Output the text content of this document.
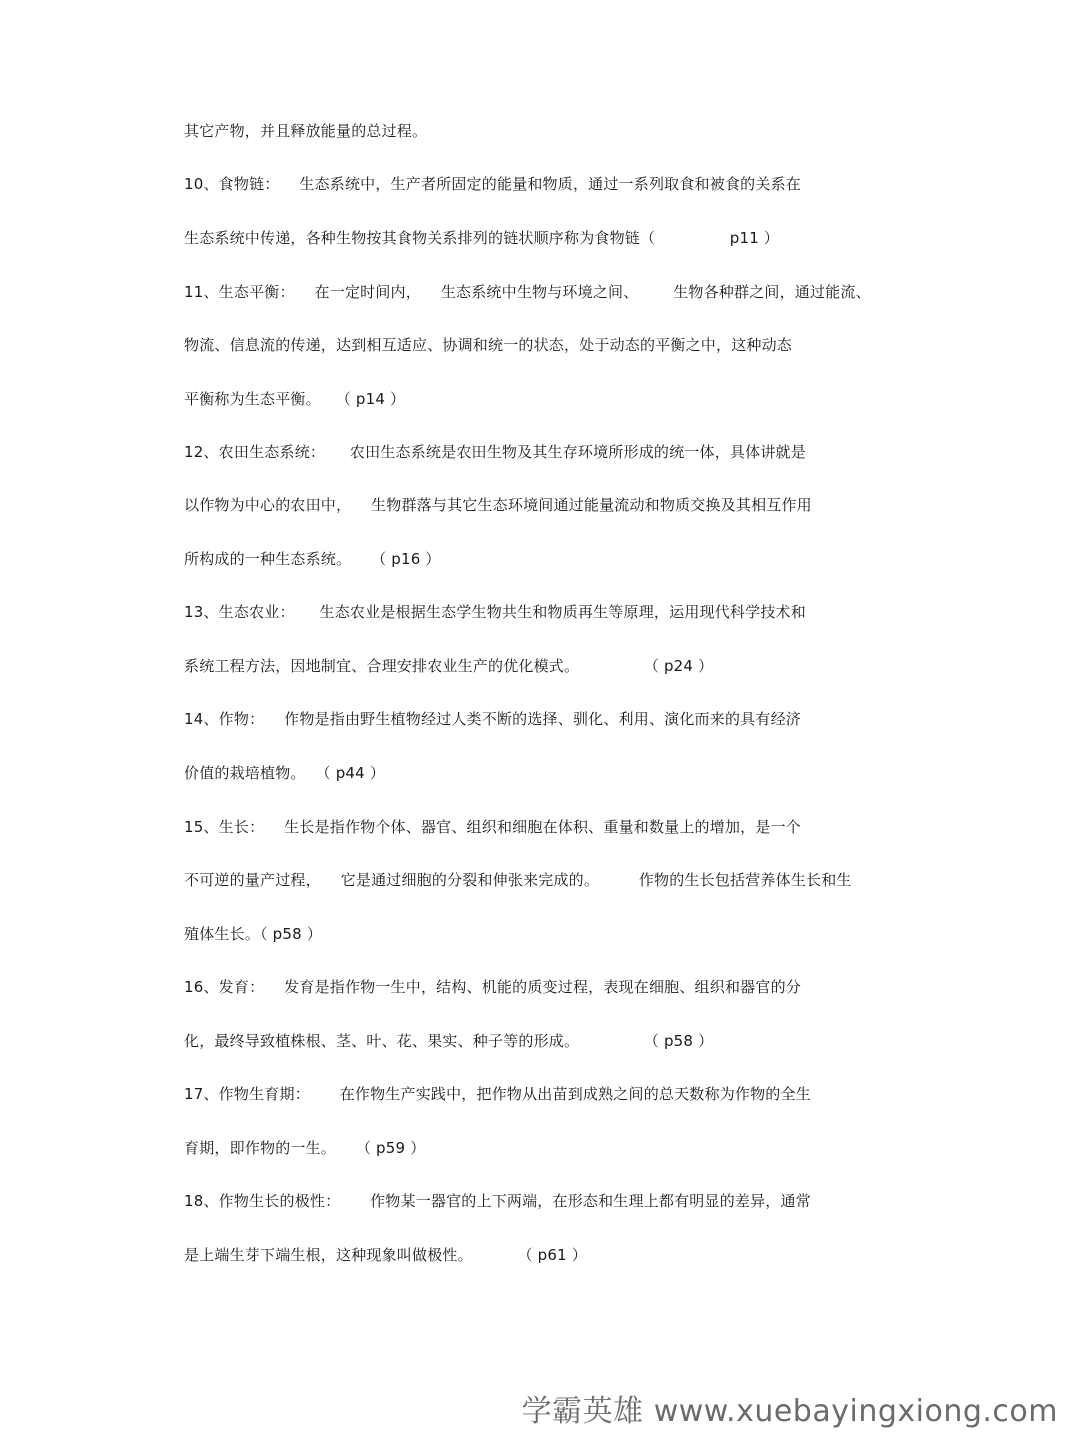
其它产物，并且释放能量的总过程。
10、食物链：    生态系统中，生产者所固定的能量和物质，通过一系列取食和被食的关系在
生态系统中传递，各种生物按其食物关系排列的链状顺序称为食物链（               p11 ）
11、生态平衡：    在一定时间内，    生态系统中生物与环境之间、       生物各种群之间，通过能流、
物流、信息流的传递，达到相互适应、协调和统一的状态，处于动态的平衡之中，这种动态
平衡称为生态平衡。   （ p14 ）
12、农田生态系统：     农田生态系统是农田生物及其生存环境所形成的统一体，具体讲就是
以作物为中心的农田中，    生物群落与其它生态环境间通过能量流动和物质交换及其相互作用
所构成的一种生态系统。    （ p16 ）
13、生态农业：     生态农业是根据生态学生物共生和物质再生等原理，运用现代科学技术和
系统工程方法，因地制宜、合理安排农业生产的优化模式。             （ p24 ）
14、作物：    作物是指由野生植物经过人类不断的选择、驯化、利用、演化而来的具有经济
价值的栽培植物。  （ p44 ）
15、生长：    生长是指作物个体、器官、组织和细胞在体积、重量和数量上的增加，是一个
不可逆的量产过程，    它是通过细胞的分裂和伸张来完成的。        作物的生长包括营养体生长和生
殖体生长。（ p58 ）
16、发育：    发育是指作物一生中，结构、机能的质变过程，表现在细胞、组织和器官的分
化，最终导致植株根、茎、叶、花、果实、种子等的形成。             （ p58 ）
17、作物生育期：      在作物生产实践中，把作物从出苗到成熟之间的总天数称为作物的全生
育期，即作物的一生。    （ p59 ）
18、作物生长的极性：      作物某一器官的上下两端，在形态和生理上都有明显的差异，通常
是上端生芽下端生根，这种现象叫做极性。         （ p61 ）
学霸英雄 www.xuebayingxiong.com
